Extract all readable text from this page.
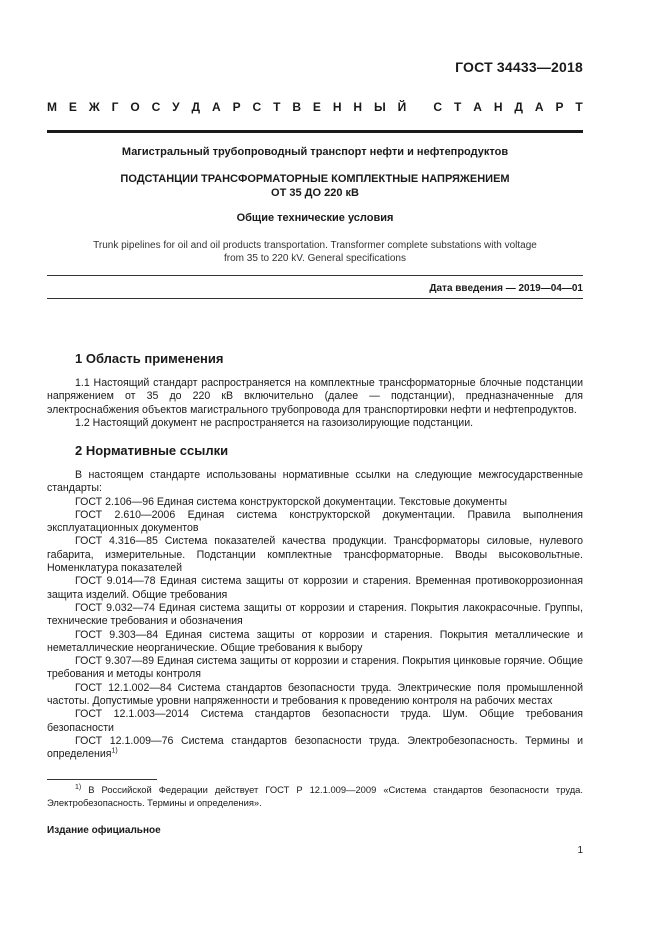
ГОСТ 34433—2018
М Е Ж Г О С У Д А Р С Т В Е Н Н Ы Й
С Т А Н Д А Р Т
Магистральный трубопроводный транспорт нефти и нефтепродуктов
ПОДСТАНЦИИ ТРАНСФОРМАТОРНЫЕ КОМПЛЕКТНЫЕ НАПРЯЖЕНИЕМ
ОТ 35 ДО 220 кВ
Общие технические условия
Trunk pipelines for oil and oil products transportation. Transformer complete substations with voltage
from 35 to 220 kV. General specifications
Дата введения — 2019—04—01
1 Область применения

1.1 Настоящий стандарт распространяется на комплектные трансформаторные блочные подстанции напряжением от 35 до 220 кВ включительно (далее — подстанции), предназначенные для электроснабжения объектов магистрального трубопровода для транспортировки нефти и нефтепродуктов.

1.2 Настоящий документ не распространяется на газоизолирующие подстанции.

2 Нормативные ссылки

В настоящем стандарте использованы нормативные ссылки на следующие межгосударственные стандарты:

ГОСТ 2.106—96 Единая система конструкторской документации. Текстовые документы

ГОСТ 2.610—2006 Единая система конструкторской документации. Правила выполнения эксплуатационных документов

ГОСТ 4.316—85 Система показателей качества продукции. Трансформаторы силовые, нулевого габарита, измерительные. Подстанции комплектные трансформаторные. Вводы высоковольтные. Номенклатура показателей

ГОСТ 9.014—78 Единая система защиты от коррозии и старения. Временная противокоррозионная защита изделий. Общие требования

ГОСТ 9.032—74 Единая система защиты от коррозии и старения. Покрытия лакокрасочные. Группы, технические требования и обозначения

ГОСТ 9.303—84 Единая система защиты от коррозии и старения. Покрытия металлические и неметаллические неорганические. Общие требования к выбору

ГОСТ 9.307—89 Единая система защиты от коррозии и старения. Покрытия цинковые горячие. Общие требования и методы контроля

ГОСТ 12.1.002—84 Система стандартов безопасности труда. Электрические поля промышленной частоты. Допустимые уровни напряженности и требования к проведению контроля на рабочих местах

ГОСТ 12.1.003—2014 Система стандартов безопасности труда. Шум. Общие требования безопасности

ГОСТ 12.1.009—76 Система стандартов безопасности труда. Электробезопасность. Термины и определения$^{1)}$

$^{1)}$ В Российской Федерации действует ГОСТ Р 12.1.009—2009 «Система стандартов безопасности труда. Электробезопасность. Термины и определения».
Издание официальное
1
